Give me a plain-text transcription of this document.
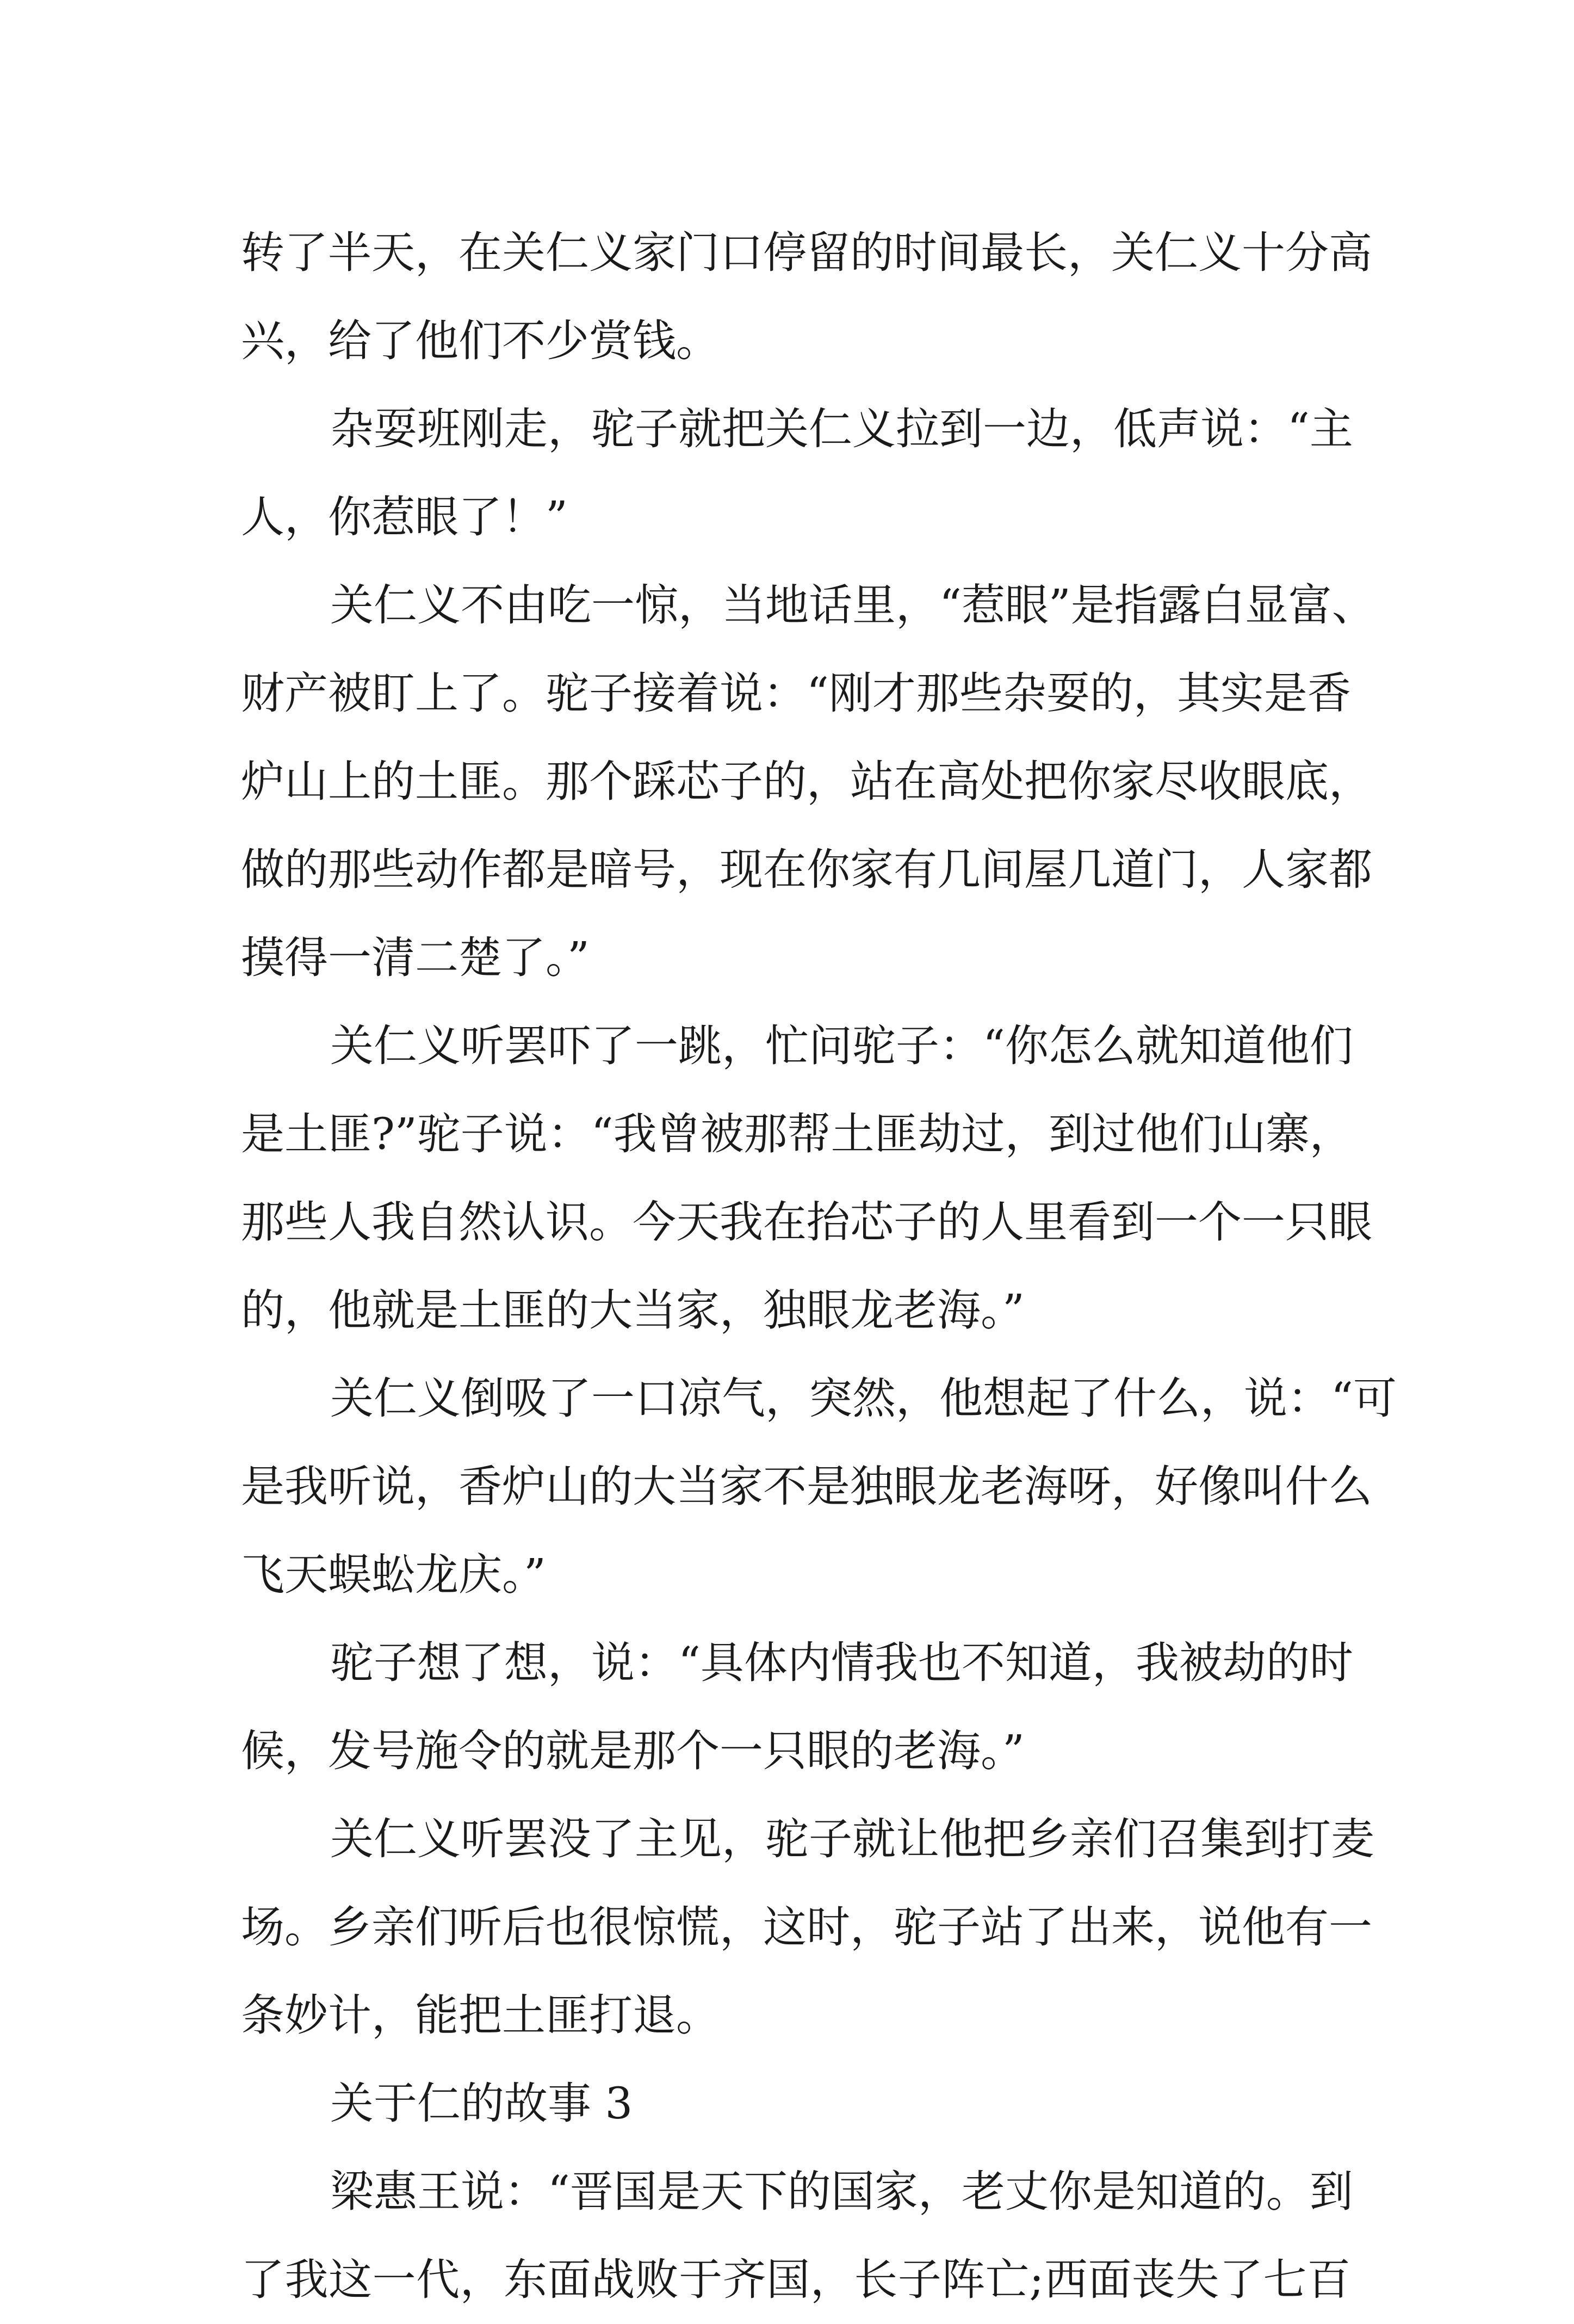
转了半天，在关仁义家门口停留的时间最长，关仁义十分高
兴，给了他们不少赏钱。
杂耍班刚走，驼子就把关仁义拉到一边，低声说：“主
人，你惹眼了！”
关仁义不由吃一惊，当地话里，“惹眼”是指露白显富、
财产被盯上了。驼子接着说：“刚才那些杂耍的，其实是香
炉山上的土匪。那个踩芯子的，站在高处把你家尽收眼底，
做的那些动作都是暗号，现在你家有几间屋几道门，人家都
摸得一清二楚了。”
关仁义听罢吓了一跳，忙问驼子：“你怎么就知道他们
是土匪?”驼子说：“我曾被那帮土匪劫过，到过他们山寨，
那些人我自然认识。今天我在抬芯子的人里看到一个一只眼
的，他就是土匪的大当家，独眼龙老海。”
关仁义倒吸了一口凉气，突然，他想起了什么，说：“可
是我听说，香炉山的大当家不是独眼龙老海呀，好像叫什么
飞天蜈蚣龙庆。”
驼子想了想，说：“具体内情我也不知道，我被劫的时
候，发号施令的就是那个一只眼的老海。”
关仁义听罢没了主见，驼子就让他把乡亲们召集到打麦
场。乡亲们听后也很惊慌，这时，驼子站了出来，说他有一
条妙计，能把土匪打退。
关于仁的故事 3
梁惠王说：“晋国是天下的国家，老丈你是知道的。到
了我这一代，东面战败于齐国，长子阵亡;西面丧失了七百
